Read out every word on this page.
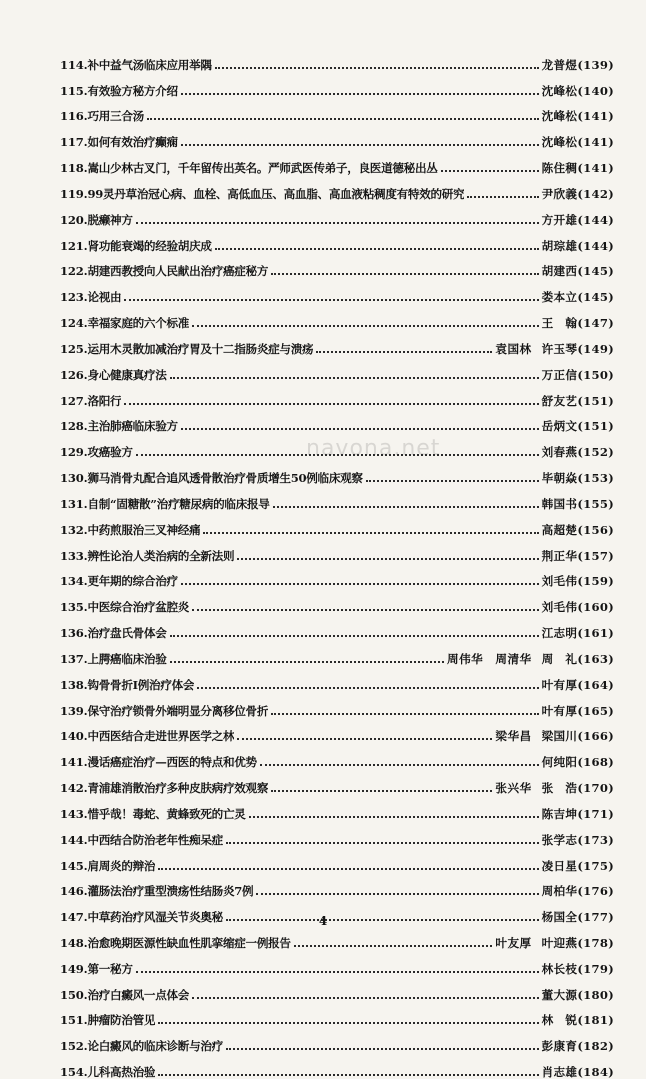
114. 补中益气汤临床应用举隅	龙普煜(139)
115. 有效验方秘方介绍	沈峰松(140)
116. 巧用三合汤	沈峰松(141)
117. 如何有效治疗癫痫	沈峰松(141)
118. 嵩山少林古叉门，千年留传出英名。严师武医传弟子，良医道德秘出丛	陈住稠(141)
119. 99灵丹草治冠心病、血栓、高低血压、高血脂、高血液粘稠度有特效的研究	尹欣義(142)
120. 脱癞神方	方开雄(144)
121. 肾功能衰竭的经验胡庆成	胡琮雄(144)
122. 胡建西教授向人民献出治疗癌症秘方	胡建西(145)
123. 论视由	娄本立(145)
124. 幸福家庭的六个标准	王　翰(147)
125. 运用木灵散加减治疗胃及十二指肠炎症与溃疡	袁国林 许玉琴(149)
126. 身心健康真疗法	万正信(150)
127. 洛阳行	舒友艺(151)
128. 主治肺癌临床验方	岳炳文(151)
129. 攻癌验方	刘春燕(152)
130. 狮马消骨丸配合追风透骨散治疗骨质增生50例临床观察	毕朝焱(153)
131. 自制“固糖散”治疗糖尿病的临床报导	韩国书(155)
132. 中药煎服治三叉神经痛	高超楚(156)
133. 辨性论治人类治病的全新法则	荆正华(157)
134. 更年期的综合治疗	刘毛伟(159)
135. 中医综合治疗盆腔炎	刘毛伟(160)
136. 治疗盘氏骨体会	江志明(161)
137. 上腭癌临床治验	周伟华　周清华 周　礼(163)
138. 钩骨骨折Ⅰ例治疗体会	叶有厚(164)
139. 保守治疗锁骨外端明显分离移位骨折	叶有厚(165)
140. 中西医结合走进世界医学之林	梁华昌 梁国川(166)
141. 漫话癌症治疗—西医的特点和优势	何纯阳(168)
142. 青浦雄消散治疗多种皮肤病疗效观察	张兴华 张　浩(170)
143. 惜乎哉！毒蛇、黄蜂致死的亡灵	陈吉坤(171)
144. 中西结合防治老年性痴呆症	张学志(173)
145. 肩周炎的辩治	凌日星(175)
146. 灌肠法治疗重型溃疡性结肠炎7例	周柏华(176)
147. 中草药治疗风湿关节炎奥秘	杨国全(177)
148. 治愈晚期医源性缺血性肌挛缩症一例报告	叶友厚 叶迎燕(178)
149. 第一秘方	林长枝(179)
150. 治疗白癜风一点体会	董大源(180)
151. 肿瘤防治管见	林　锐(181)
152. 论白癜风的临床诊断与治疗	彭康育(182)
154. 儿科高热治验	肖志雄(184)
navona.net
4
